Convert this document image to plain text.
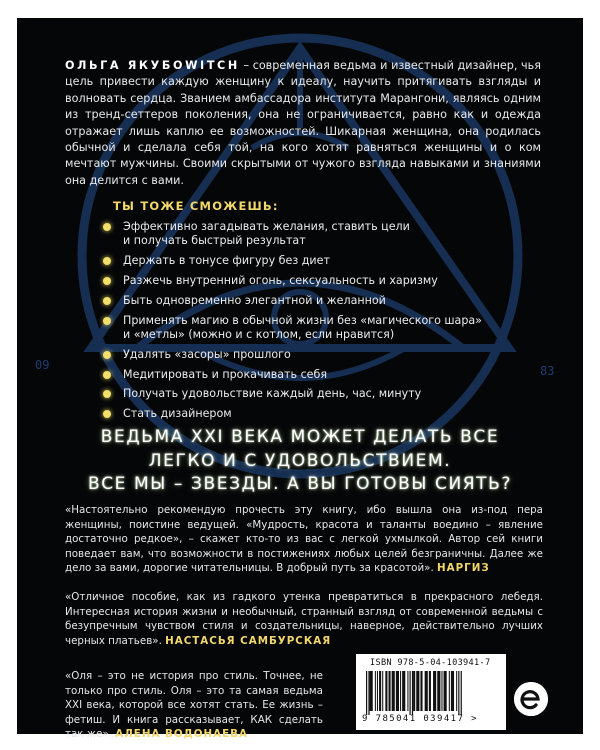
ОЛЬГА ЯКУБОWITCH – современная ведьма и известный дизайнер, чья цель привести каждую женщину к идеалу, научить притягивать взгляды и волновать сердца. Званием амбассадора института Марангони, являясь одним из тренд-сеттеров поколения, она не ограничивается, равно как и одежда отражает лишь каплю ее возможностей. Шикарная женщина, она родилась обычной и сделала себя той, на кого хотят равняться женщины и о ком мечтают мужчины. Своими скрытыми от чужого взгляда навыками и знаниями она делится с вами.
ТЫ ТОЖЕ СМОЖЕШЬ:
Эффективно загадывать желания, ставить цели
и получать быстрый результат
Держать в тонусе фигуру без диет
Разжечь внутренний огонь, сексуальность и харизму
Быть одновременно элегантной и желанной
Применять магию в обычной жизни без «магического шара»
и «метлы» (можно и с котлом, если нравится)
Удалять «засоры» прошлого
Медитировать и прокачивать себя
Получать удовольствие каждый день, час, минуту
Стать дизайнером
09	83
ВЕДЬМА XXI ВЕКА МОЖЕТ ДЕЛАТЬ ВСЕ
ЛЕГКО И С УДОВОЛЬСТВИЕМ.
ВСЕ МЫ – ЗВЕЗДЫ. А ВЫ ГОТОВЫ СИЯТЬ?
«Настоятельно рекомендую прочесть эту книгу, ибо вышла она из-под пера женщины, поистине ведущей. «Мудрость, красота и таланты воедино – явление достаточно редкое», – скажет кто-то из вас с легкой ухмылкой. Автор сей книги поведает вам, что возможности в постижениях любых целей безграничны. Далее же дело за вами, дорогие читательницы. В добрый путь за красотой». НАРГИЗ
«Отличное пособие, как из гадкого утенка превратиться в прекрасного лебедя. Интересная история жизни и необычный, странный взгляд от современной ведьмы с безупречным чувством стиля и создательницы, наверное, действительно лучших черных платьев». НАСТАСЬЯ САМБУРСКАЯ
«Оля – это не история про стиль. Точнее, не только про стиль. Оля – это та самая ведьма XXI века, которой все хотят стать. Ее жизнь – фетиш. И книга рассказывает, КАК сделать так же». АЛЕНА ВОДОНАЕВА
ISBN 978-5-04-103941-7
9 785041 039417 >
